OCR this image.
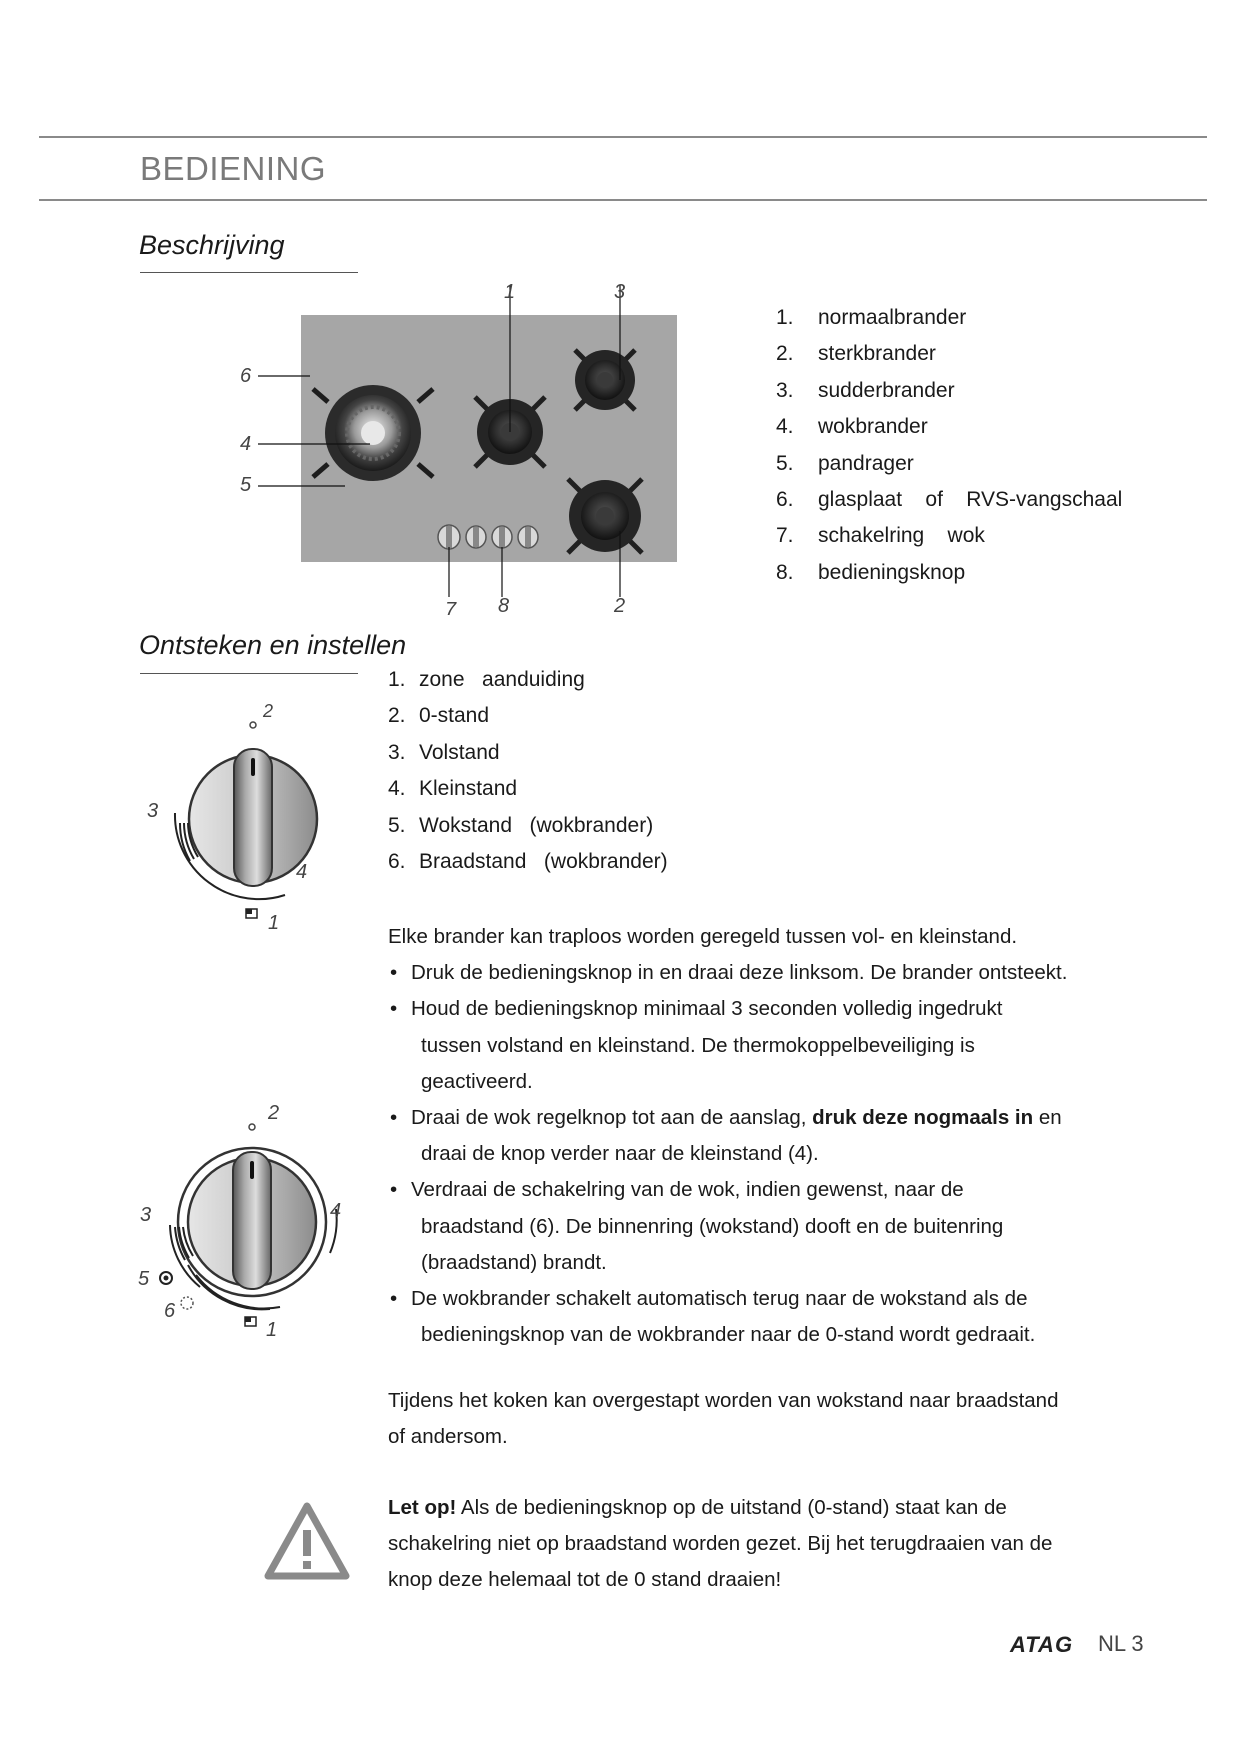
BEDIENING
Beschrijving
1	3
6
4
5
7 8	2
1.	normaalbrander
2.	sterkbrander
3.	sudderbrander
4.	wokbrander
5.	pandrager
6.	glasplaat    of    RVS-vangschaal
7.	schakelring    wok
8.	bedieningsknop
Ontsteken en instellen
2
3
4
1
2
3	4
5
6
1
1. zone   aanduiding
2. 0-stand
3. Volstand
4. Kleinstand
5. Wokstand   (wokbrander)
6. Braadstand   (wokbrander)
Elke brander kan traploos worden geregeld tussen vol- en kleinstand.
• Druk de bedieningsknop in en draai deze linksom. De brander ontsteekt.
• Houd de bedieningsknop minimaal 3 seconden volledig ingedrukt
tussen volstand en kleinstand. De thermokoppelbeveiliging is
geactiveerd.
• Draai de wok regelknop tot aan de aanslag, druk deze nogmaals in en
draai de knop verder naar de kleinstand (4).
• Verdraai de schakelring van de wok, indien gewenst, naar de
braadstand (6). De binnenring (wokstand) dooft en de buitenring
(braadstand) brandt.
• De wokbrander schakelt automatisch terug naar de wokstand als de
bedieningsknop van de wokbrander naar de 0-stand wordt gedraait.
Tijdens het koken kan overgestapt worden van wokstand naar braadstand
of andersom.
Let op! Als de bedieningsknop op de uitstand (0-stand) staat kan de
schakelring niet op braadstand worden gezet. Bij het terugdraaien van de
knop deze helemaal tot de 0 stand draaien!
ATAG NL 3
